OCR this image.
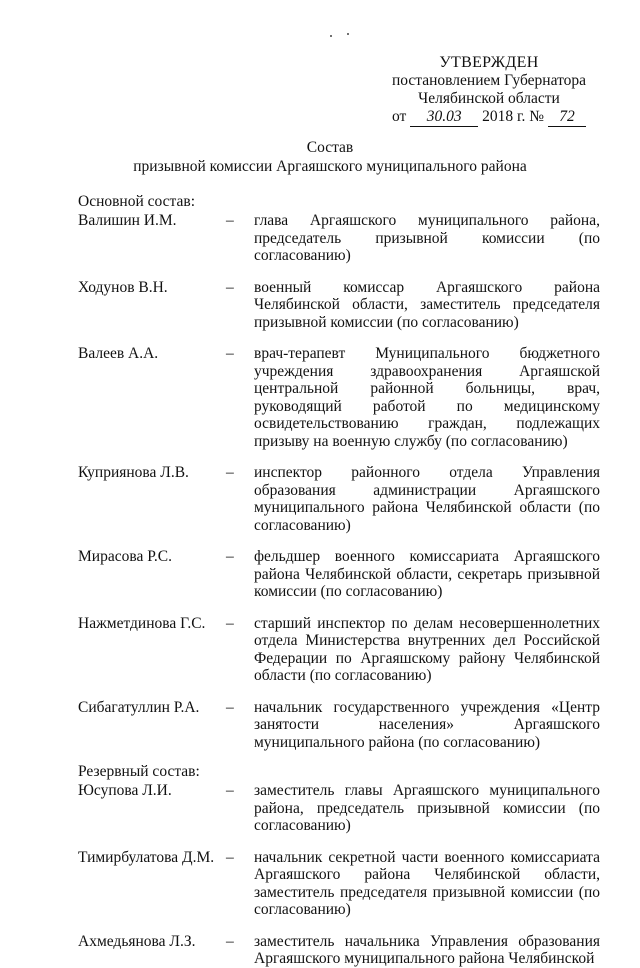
УТВЕРЖДЕН
постановлением Губернатора
Челябинской области
от 30.03 2018 г. № 72
Состав
призывной комиссии Аргаяшского муниципального района
Основной состав:
Валишин И.М.	–	глава Аргаяшского муниципального района, председатель призывной комиссии (по согласованию)
Ходунов В.Н.	–	военный комиссар Аргаяшского района Челябинской области, заместитель председателя призывной комиссии (по согласованию)
Валеев А.А.	–	врач-терапевт Муниципального бюджетного учреждения здравоохранения Аргаяшской центральной районной больницы, врач, руководящий работой по медицинскому освидетельствованию граждан, подлежащих призыву на военную службу (по согласованию)
Куприянова Л.В.	–	инспектор районного отдела Управления образования администрации Аргаяшского муниципального района Челябинской области (по согласованию)
Мирасова Р.С.	–	фельдшер военного комиссариата Аргаяшского района Челябинской области, секретарь призывной комиссии (по согласованию)
Нажметдинова Г.С.	–	старший инспектор по делам несовершеннолетних отдела Министерства внутренних дел Российской Федерации по Аргаяшскому району Челябинской области (по согласованию)
Сибагатуллин Р.А.	–	начальник государственного учреждения «Центр занятости населения» Аргаяшского муниципального района (по согласованию)
Резервный состав:
Юсупова Л.И.	–	заместитель главы Аргаяшского муниципального района, председатель призывной комиссии (по согласованию)
Тимирбулатова Д.М. –	начальник секретной части военного комиссариата Аргаяшского района Челябинской области, заместитель председателя призывной комиссии (по согласованию)
Ахмедьянова Л.З.	–	заместитель начальника Управления образования Аргаяшского муниципального района Челябинской
